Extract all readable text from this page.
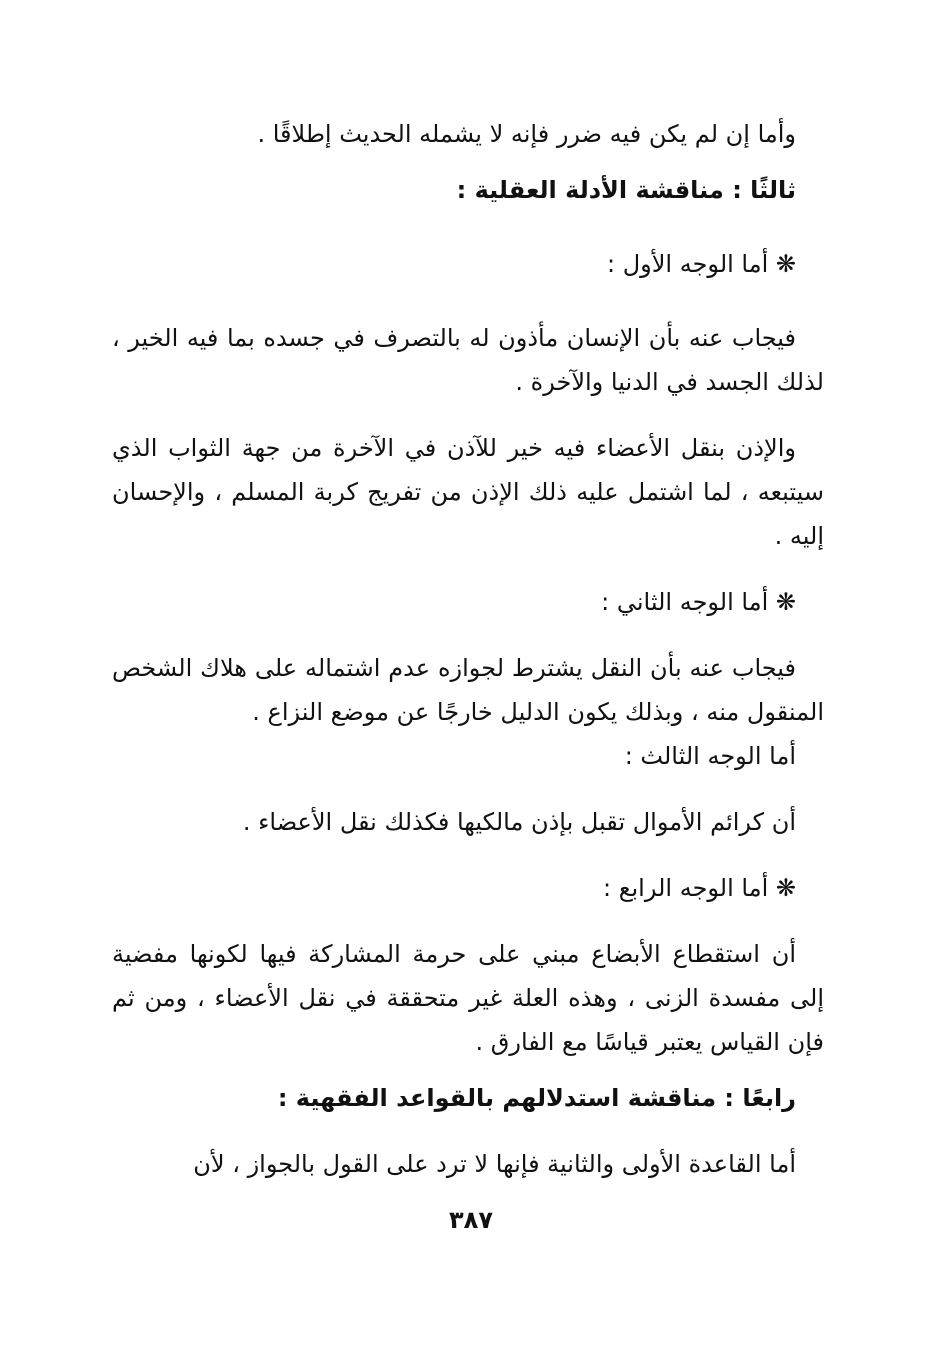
وأما إن لم يكن فيه ضرر فإنه لا يشمله الحديث إطلاقًا .

ثالثًا : مناقشة الأدلة العقلية :

❋ أما الوجه الأول :

فيجاب عنه بأن الإنسان مأذون له بالتصرف في جسده بما فيه الخير ، لذلك الجسد في الدنيا والآخرة .

والإذن بنقل الأعضاء فيه خير للآذن في الآخرة من جهة الثواب الذي سيتبعه ، لما اشتمل عليه ذلك الإذن من تفريج كربة المسلم ، والإحسان إليه .

❋ أما الوجه الثاني :

فيجاب عنه بأن النقل يشترط لجوازه عدم اشتماله على هلاك الشخص المنقول منه ، وبذلك يكون الدليل خارجًا عن موضع النزاع .

أما الوجه الثالث :

أن كرائم الأموال تقبل بإذن مالكيها فكذلك نقل الأعضاء .

❋ أما الوجه الرابع :

أن استقطاع الأبضاع مبني على حرمة المشاركة فيها لكونها مفضية إلى مفسدة الزنى ، وهذه العلة غير متحققة في نقل الأعضاء ، ومن ثم فإن القياس يعتبر قياسًا مع الفارق .

رابعًا : مناقشة استدلالهم بالقواعد الفقهية :

أما القاعدة الأولى والثانية فإنها لا ترد على القول بالجواز ، لأن

٣٨٧
